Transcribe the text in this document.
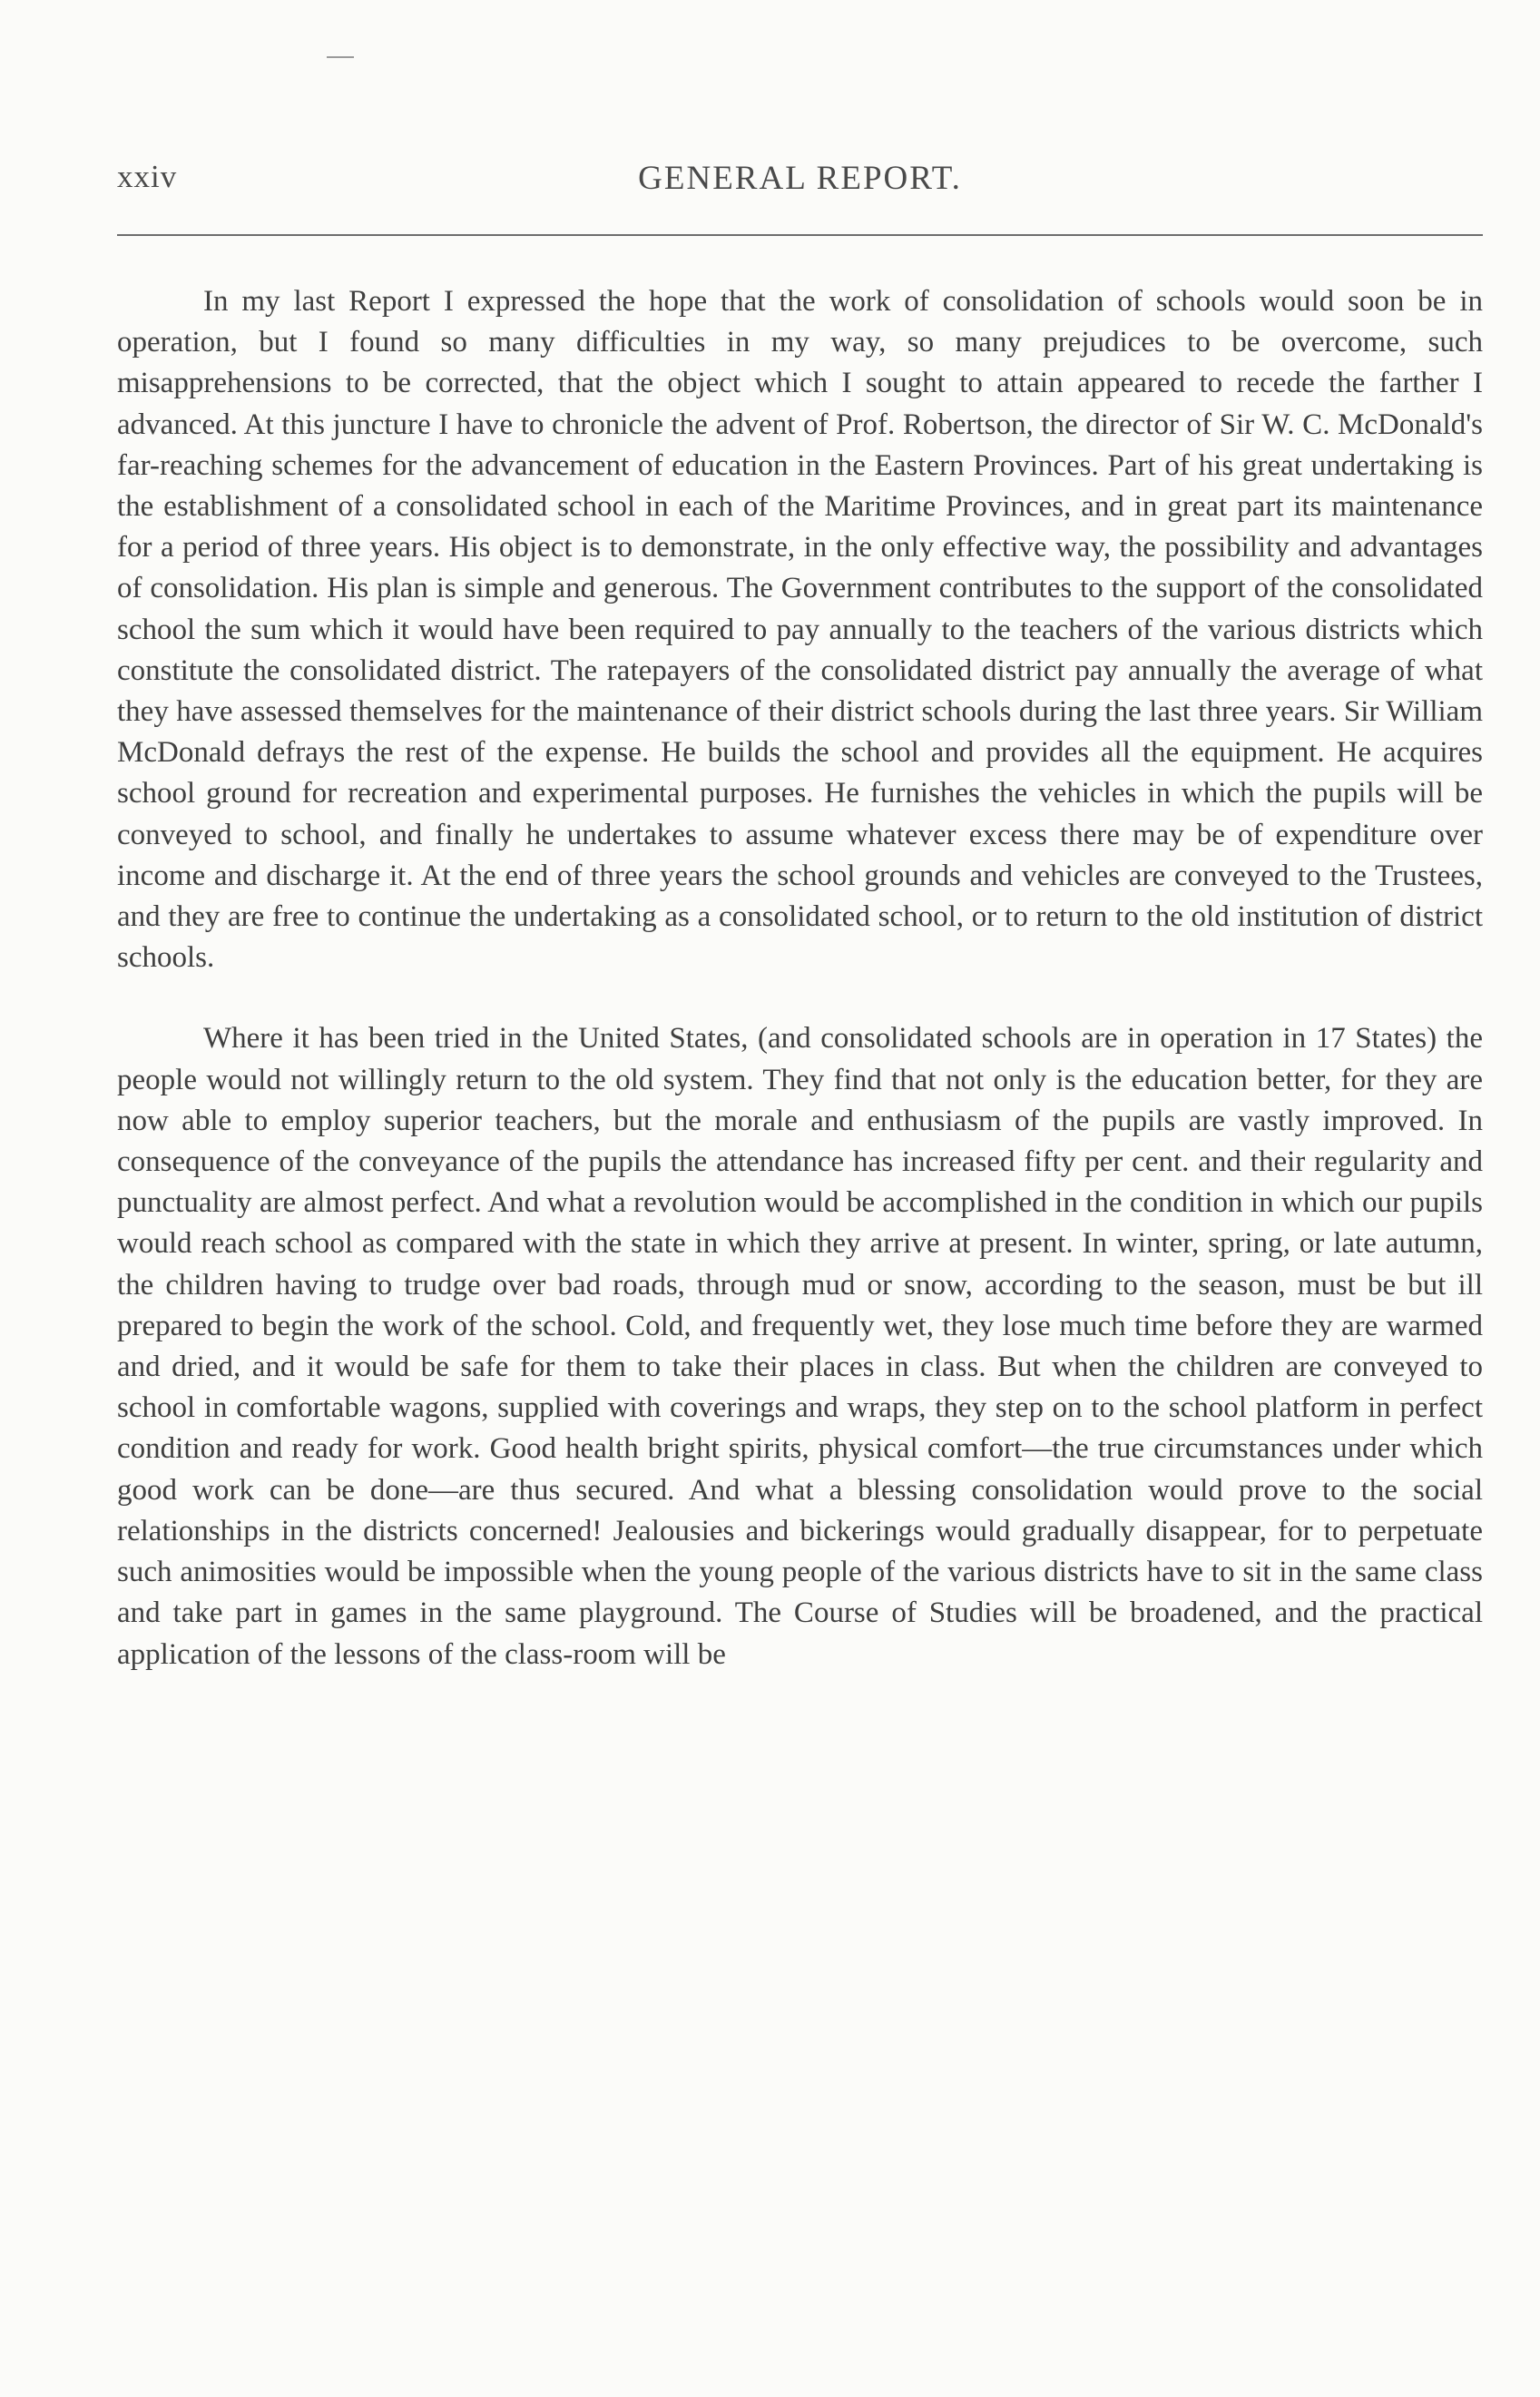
xxiv	GENERAL REPORT.

In my last Report I expressed the hope that the work of consolidation of schools would soon be in operation, but I found so many difficulties in my way, so many prejudices to be overcome, such misapprehensions to be corrected, that the object which I sought to attain appeared to recede the farther I advanced. At this juncture I have to chronicle the advent of Prof. Robertson, the director of Sir W. C. McDonald's far-reaching schemes for the advancement of education in the Eastern Provinces. Part of his great undertaking is the establishment of a consolidated school in each of the Maritime Provinces, and in great part its maintenance for a period of three years. His object is to demonstrate, in the only effective way, the possibility and advantages of consolidation. His plan is simple and generous. The Government contributes to the support of the consolidated school the sum which it would have been required to pay annually to the teachers of the various districts which constitute the consolidated district. The ratepayers of the consolidated district pay annually the average of what they have assessed themselves for the maintenance of their district schools during the last three years. Sir William McDonald defrays the rest of the expense. He builds the school and provides all the equipment. He acquires school ground for recreation and experimental purposes. He furnishes the vehicles in which the pupils will be conveyed to school, and finally he undertakes to assume whatever excess there may be of expenditure over income and discharge it. At the end of three years the school grounds and vehicles are conveyed to the Trustees, and they are free to continue the undertaking as a consolidated school, or to return to the old institution of district schools.

Where it has been tried in the United States, (and consolidated schools are in operation in 17 States) the people would not willingly return to the old system. They find that not only is the education better, for they are now able to employ superior teachers, but the morale and enthusiasm of the pupils are vastly improved. In consequence of the conveyance of the pupils the attendance has increased fifty per cent. and their regularity and punctuality are almost perfect. And what a revolution would be accomplished in the condition in which our pupils would reach school as compared with the state in which they arrive at present. In winter, spring, or late autumn, the children having to trudge over bad roads, through mud or snow, according to the season, must be but ill prepared to begin the work of the school. Cold, and frequently wet, they lose much time before they are warmed and dried, and it would be safe for them to take their places in class. But when the children are conveyed to school in comfortable wagons, supplied with coverings and wraps, they step on to the school platform in perfect condition and ready for work. Good health bright spirits, physical comfort—the true circumstances under which good work can be done—are thus secured. And what a blessing consolidation would prove to the social relationships in the districts concerned! Jealousies and bickerings would gradually disappear, for to perpetuate such animosities would be impossible when the young people of the various districts have to sit in the same class and take part in games in the same playground. The Course of Studies will be broadened, and the practical application of the lessons of the class-room will be
